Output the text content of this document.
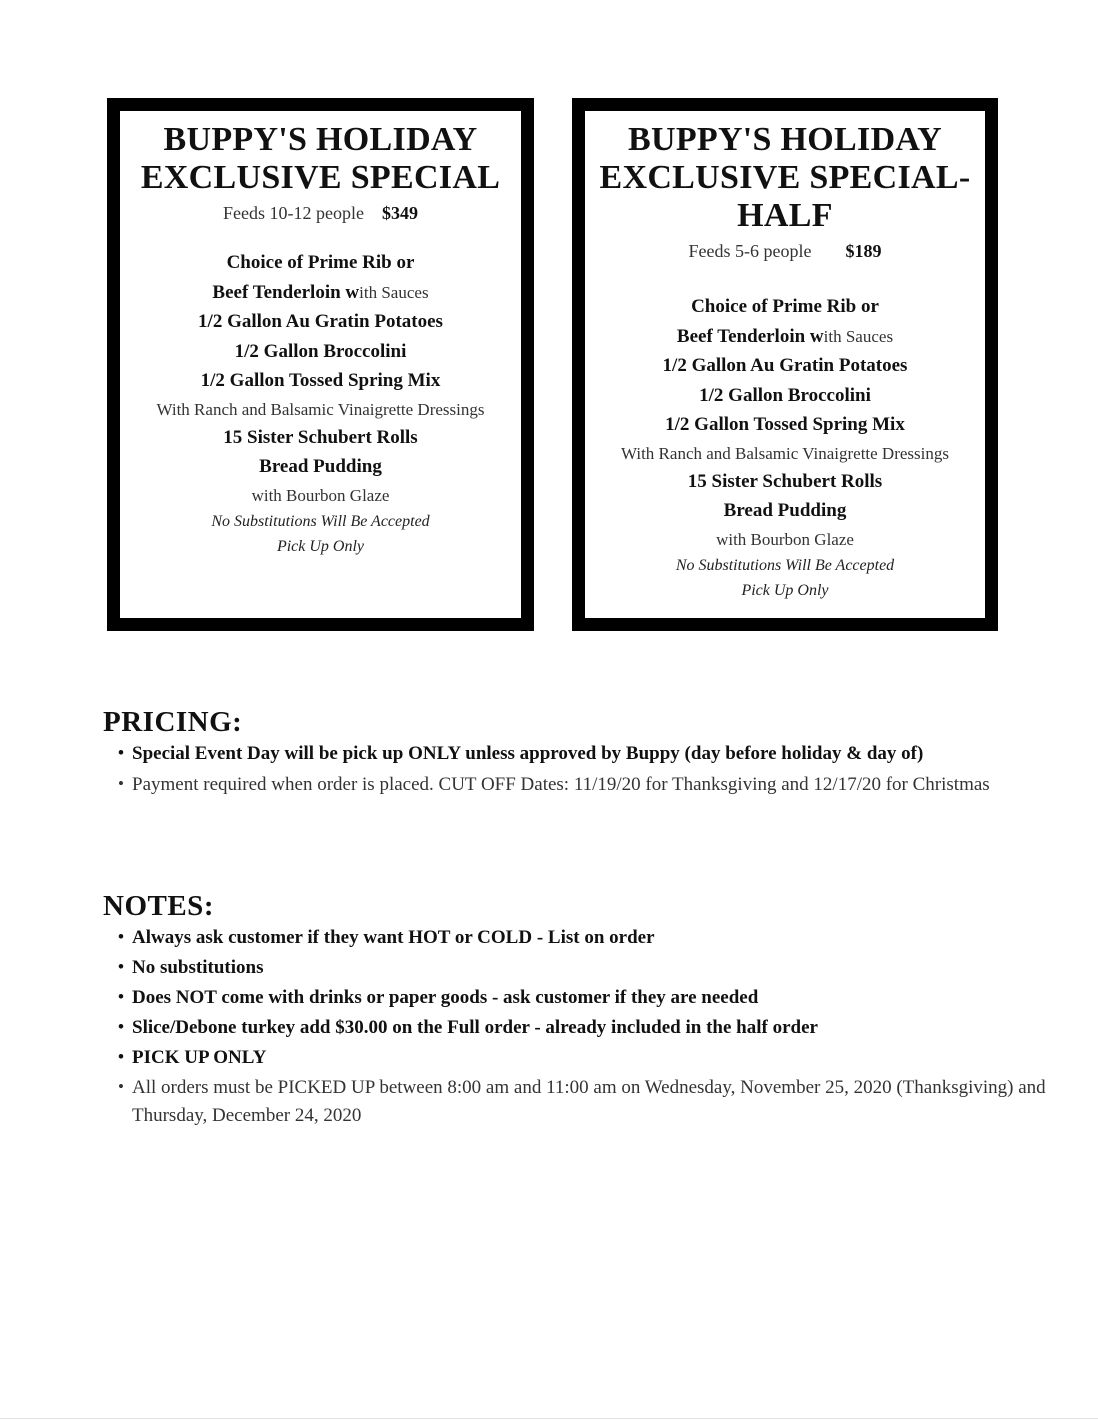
BUPPY'S HOLIDAY
EXCLUSIVE SPECIAL
Feeds 10-12 people $349
Choice of Prime Rib or
Beef Tenderloin with Sauces
1/2 Gallon Au Gratin Potatoes
1/2 Gallon Broccolini
1/2 Gallon Tossed Spring Mix
With Ranch and Balsamic Vinaigrette Dressings
15 Sister Schubert Rolls
Bread Pudding
with Bourbon Glaze
No Substitutions Will Be Accepted
Pick Up Only
BUPPY'S HOLIDAY
EXCLUSIVE SPECIAL-
HALF
Feeds 5-6 people $189
Choice of Prime Rib or
Beef Tenderloin with Sauces
1/2 Gallon Au Gratin Potatoes
1/2 Gallon Broccolini
1/2 Gallon Tossed Spring Mix
With Ranch and Balsamic Vinaigrette Dressings
15 Sister Schubert Rolls
Bread Pudding
with Bourbon Glaze
No Substitutions Will Be Accepted
Pick Up Only
PRICING:
• Special Event Day will be pick up ONLY unless approved by Buppy (day before holiday & day of)
• Payment required when order is placed. CUT OFF Dates: 11/19/20 for Thanksgiving and 12/17/20 for Christmas
NOTES:
• Always ask customer if they want HOT or COLD - List on order
• No substitutions
• Does NOT come with drinks or paper goods - ask customer if they are needed
• Slice/Debone turkey add $30.00 on the Full order - already included in the half order
• PICK UP ONLY
• All orders must be PICKED UP between 8:00 am and 11:00 am on Wednesday, November 25, 2020 (Thanksgiving) and Thursday, December 24, 2020
